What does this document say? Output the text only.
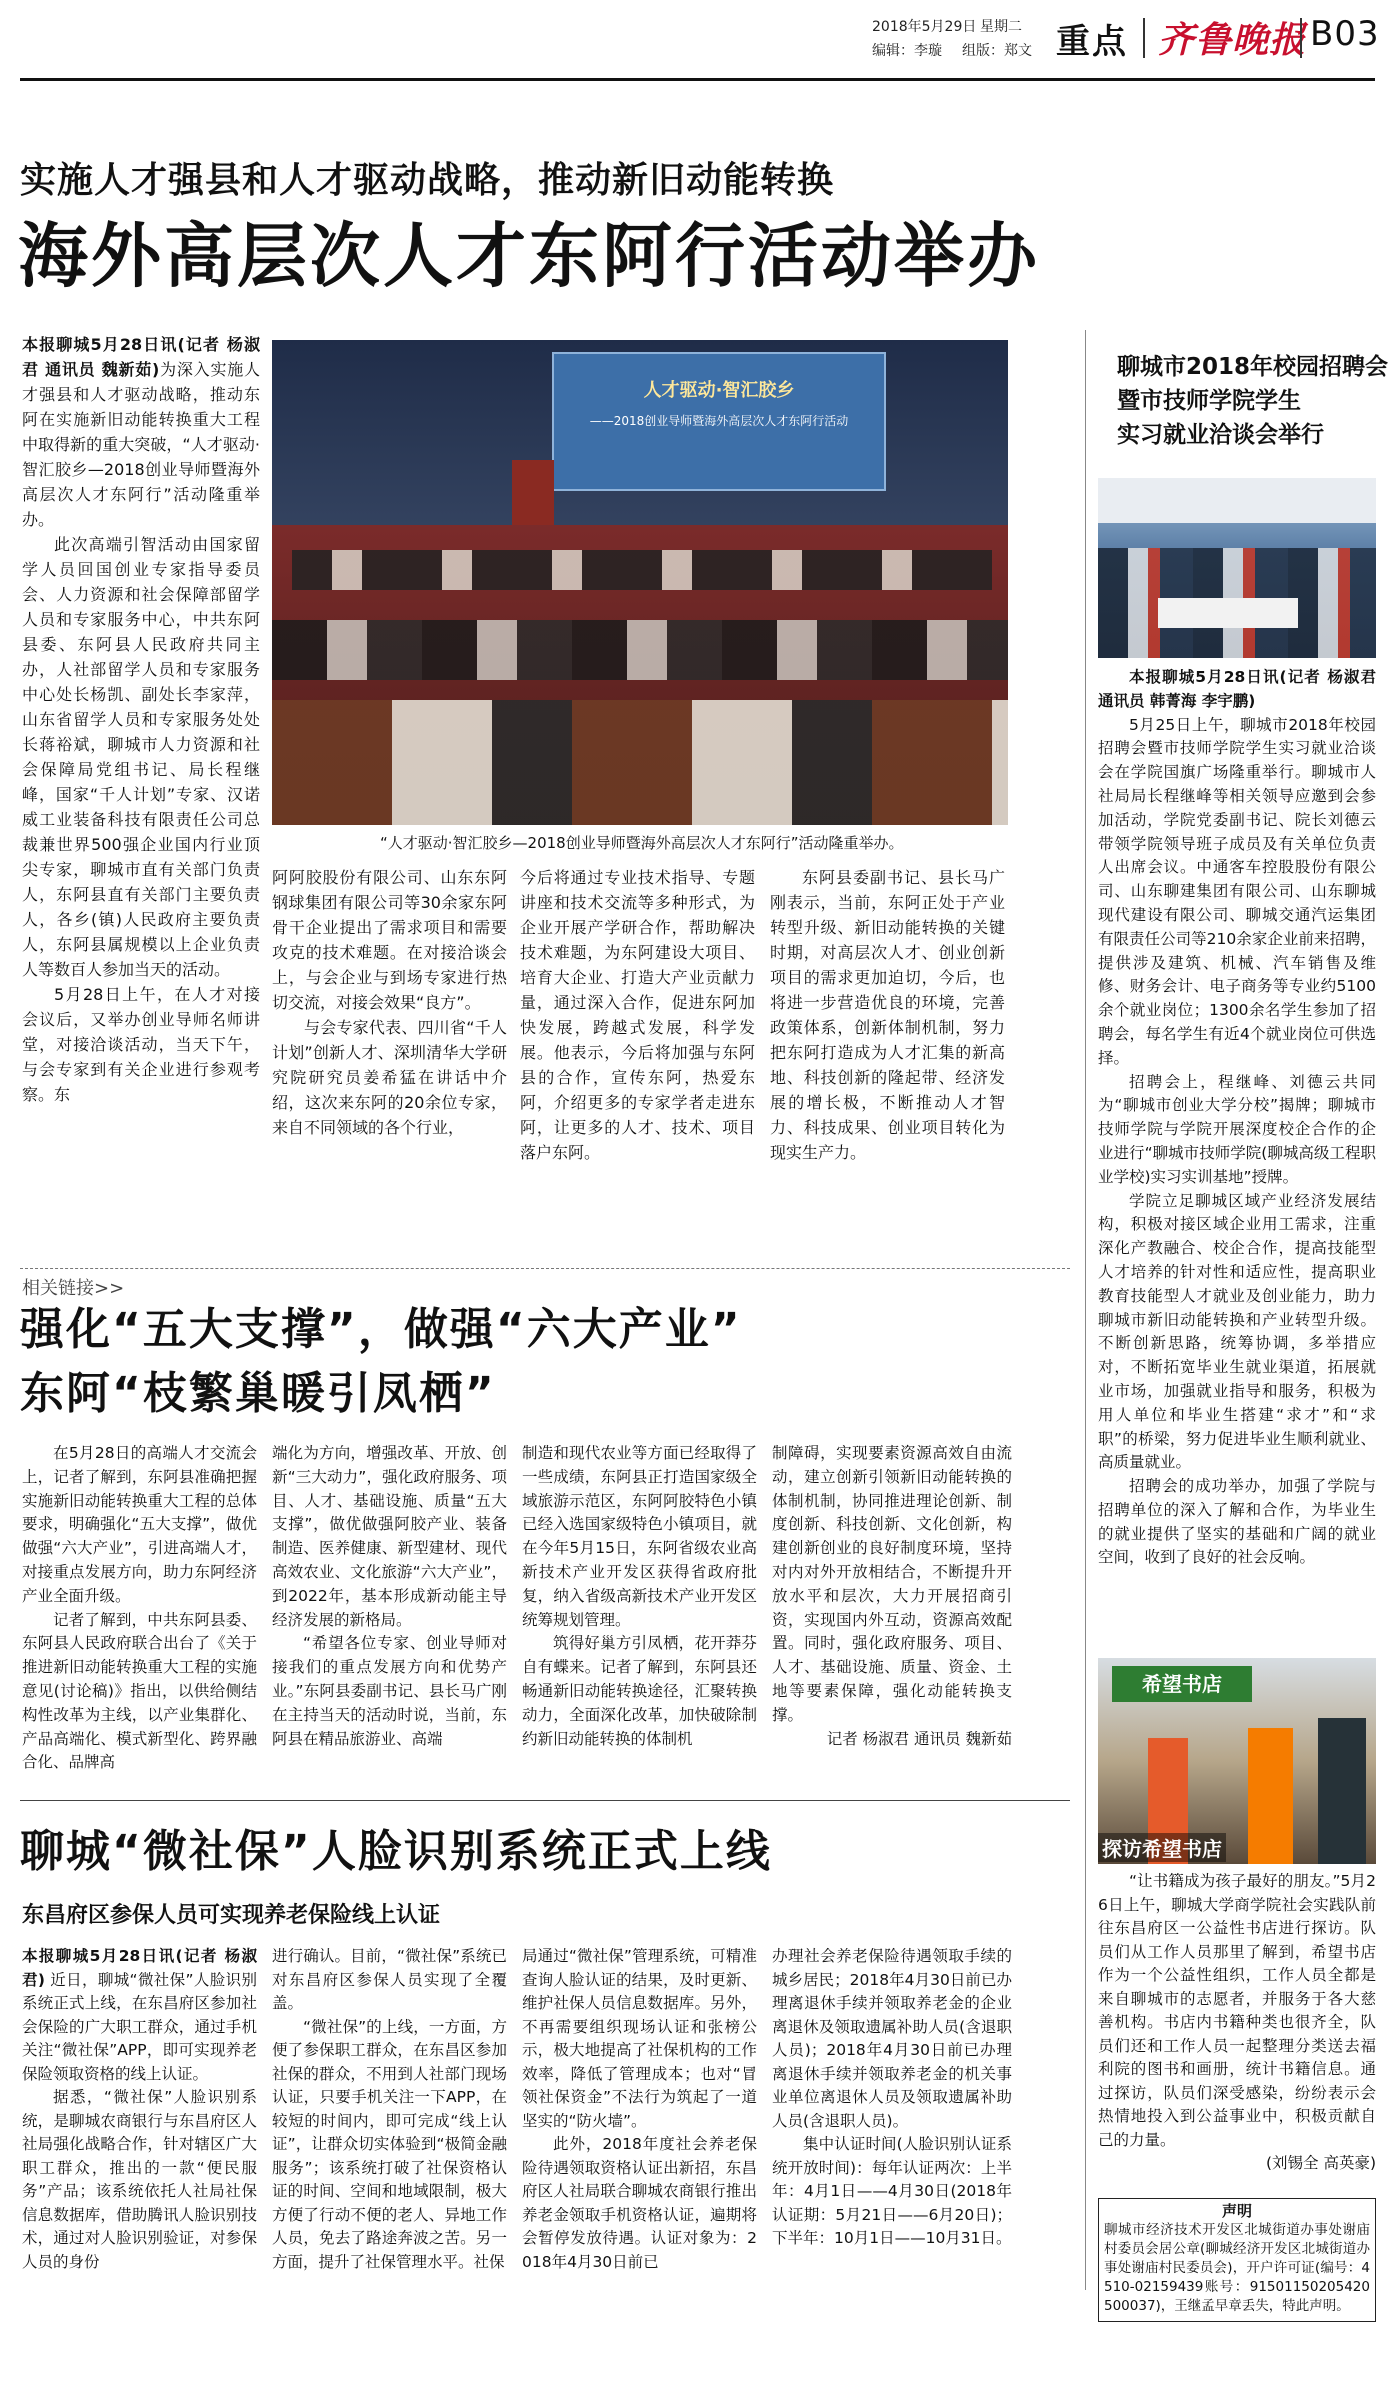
2018年5月29日 星期二
编辑：李璇 组版：郑文 重点 齐鲁晚报 B03
实施人才强县和人才驱动战略，推动新旧动能转换
海外高层次人才东阿行活动举办

本报聊城5月28日讯(记者 杨淑君 通讯员 魏新茹)为深入实施人才强县和人才驱动战略，推动东阿在实施新旧动能转换重大工程中取得新的重大突破，“人才驱动·智汇胶乡—2018创业导师暨海外高层次人才东阿行”活动隆重举办。

此次高端引智活动由国家留学人员回国创业专家指导委员会、人力资源和社会保障部留学人员和专家服务中心，中共东阿县委、东阿县人民政府共同主办，人社部留学人员和专家服务中心处长杨凯、副处长李家萍，山东省留学人员和专家服务处处长蒋裕斌，聊城市人力资源和社会保障局党组书记、局长程继峰，国家“千人计划”专家、汉诺威工业装备科技有限责任公司总裁兼世界500强企业国内行业顶尖专家，聊城市直有关部门负责人，东阿县直有关部门主要负责人，各乡(镇)人民政府主要负责人，东阿县属规模以上企业负责人等数百人参加当天的活动。

5月28日上午，在人才对接会议后，又举办创业导师名师讲堂，对接洽谈活动，当天下午，与会专家到有关企业进行参观考察。东

人才驱动·智汇胶乡
——2018创业导师暨海外高层次人才东阿行活动
“人才驱动·智汇胶乡—2018创业导师暨海外高层次人才东阿行”活动隆重举办。

阿阿胶股份有限公司、山东东阿钢球集团有限公司等30余家东阿骨干企业提出了需求项目和需要攻克的技术难题。在对接洽谈会上，与会企业与到场专家进行热切交流，对接会效果“良方”。

与会专家代表、四川省“千人计划”创新人才、深圳清华大学研究院研究员姜希猛在讲话中介绍，这次来东阿的20余位专家，来自不同领域的各个行业，

今后将通过专业技术指导、专题讲座和技术交流等多种形式，为企业开展产学研合作，帮助解决技术难题，为东阿建设大项目、培育大企业、打造大产业贡献力量，通过深入合作，促进东阿加快发展，跨越式发展，科学发展。他表示，今后将加强与东阿县的合作，宣传东阿，热爱东阿，介绍更多的专家学者走进东阿，让更多的人才、技术、项目落户东阿。

东阿县委副书记、县长马广刚表示，当前，东阿正处于产业转型升级、新旧动能转换的关键时期，对高层次人才、创业创新项目的需求更加迫切，今后，也将进一步营造优良的环境，完善政策体系，创新体制机制，努力把东阿打造成为人才汇集的新高地、科技创新的隆起带、经济发展的增长极，不断推动人才智力、科技成果、创业项目转化为现实生产力。

聊城市2018年校园招聘会
暨市技师学院学生
实习就业洽谈会举行

本报聊城5月28日讯(记者 杨淑君 通讯员 韩菁海 李宇鹏)

5月25日上午，聊城市2018年校园招聘会暨市技师学院学生实习就业洽谈会在学院国旗广场隆重举行。聊城市人社局局长程继峰等相关领导应邀到会参加活动，学院党委副书记、院长刘德云带领学院领导班子成员及有关单位负责人出席会议。中通客车控股股份有限公司、山东聊建集团有限公司、山东聊城现代建设有限公司、聊城交通汽运集团有限责任公司等210余家企业前来招聘，提供涉及建筑、机械、汽车销售及维修、财务会计、电子商务等专业约5100余个就业岗位；1300余名学生参加了招聘会，每名学生有近4个就业岗位可供选择。

招聘会上，程继峰、刘德云共同为“聊城市创业大学分校”揭牌；聊城市技师学院与学院开展深度校企合作的企业进行“聊城市技师学院(聊城高级工程职业学校)实习实训基地”授牌。

学院立足聊城区域产业经济发展结构，积极对接区域企业用工需求，注重深化产教融合、校企合作，提高技能型人才培养的针对性和适应性，提高职业教育技能型人才就业及创业能力，助力聊城市新旧动能转换和产业转型升级。不断创新思路，统筹协调，多举措应对，不断拓宽毕业生就业渠道，拓展就业市场，加强就业指导和服务，积极为用人单位和毕业生搭建“求才”和“求职”的桥梁，努力促进毕业生顺利就业、高质量就业。

招聘会的成功举办，加强了学院与招聘单位的深入了解和合作，为毕业生的就业提供了坚实的基础和广阔的就业空间，收到了良好的社会反响。

希望书店
探访希望书店

“让书籍成为孩子最好的朋友。”5月26日上午，聊城大学商学院社会实践队前往东昌府区一公益性书店进行探访。队员们从工作人员那里了解到，希望书店作为一个公益性组织，工作人员全都是来自聊城市的志愿者，并服务于各大慈善机构。书店内书籍种类也很齐全，队员们还和工作人员一起整理分类送去福利院的图书和画册，统计书籍信息。通过探访，队员们深受感染，纷纷表示会热情地投入到公益事业中，积极贡献自己的力量。

(刘锡全 高英豪)
声明
聊城市经济技术开发区北城街道办事处谢庙村委员会居公章(聊城经济开发区北城街道办事处谢庙村民委员会)，开户许可证(编号：4510-02159439账号：91501150205420500037)，王继孟早章丢失，特此声明。
相关链接>>
强化“五大支撑”，做强“六大产业”
东阿“枝繁巢暖引凤栖”

在5月28日的高端人才交流会上，记者了解到，东阿县准确把握实施新旧动能转换重大工程的总体要求，明确强化“五大支撑”，做优做强“六大产业”，引进高端人才，对接重点发展方向，助力东阿经济产业全面升级。

记者了解到，中共东阿县委、东阿县人民政府联合出台了《关于推进新旧动能转换重大工程的实施意见(讨论稿)》指出，以供给侧结构性改革为主线，以产业集群化、产品高端化、模式新型化、跨界融合化、品牌高

端化为方向，增强改革、开放、创新“三大动力”，强化政府服务、项目、人才、基础设施、质量“五大支撑”，做优做强阿胶产业、装备制造、医养健康、新型建材、现代高效农业、文化旅游“六大产业”，到2022年，基本形成新动能主导经济发展的新格局。

“希望各位专家、创业导师对接我们的重点发展方向和优势产业。”东阿县委副书记、县长马广刚在主持当天的活动时说，当前，东阿县在精品旅游业、高端

制造和现代农业等方面已经取得了一些成绩，东阿县正打造国家级全域旅游示范区，东阿阿胶特色小镇已经入选国家级特色小镇项目，就在今年5月15日，东阿省级农业高新技术产业开发区获得省政府批复，纳入省级高新技术产业开发区统筹规划管理。

筑得好巢方引凤栖，花开莽芬自有蝶来。记者了解到，东阿县还畅通新旧动能转换途径，汇聚转换动力，全面深化改革，加快破除制约新旧动能转换的体制机

制障碍，实现要素资源高效自由流动，建立创新引领新旧动能转换的体制机制，协同推进理论创新、制度创新、科技创新、文化创新，构建创新创业的良好制度环境，坚持对内对外开放相结合，不断提升开放水平和层次，大力开展招商引资，实现国内外互动，资源高效配置。同时，强化政府服务、项目、人才、基础设施、质量、资金、土地等要素保障，强化动能转换支撑。

记者 杨淑君 通讯员 魏新茹
聊城“微社保”人脸识别系统正式上线
东昌府区参保人员可实现养老保险线上认证

本报聊城5月28日讯(记者 杨淑君) 近日，聊城“微社保”人脸识别系统正式上线，在东昌府区参加社会保险的广大职工群众，通过手机关注“微社保”APP，即可实现养老保险领取资格的线上认证。

据悉，“微社保”人脸识别系统，是聊城农商银行与东昌府区人社局强化战略合作，针对辖区广大职工群众，推出的一款“便民服务”产品；该系统依托人社局社保信息数据库，借助腾讯人脸识别技术，通过对人脸识别验证，对参保人员的身份

进行确认。目前，“微社保”系统已对东昌府区参保人员实现了全覆盖。

“微社保”的上线，一方面，方便了参保职工群众，在东昌区参加社保的群众，不用到人社部门现场认证，只要手机关注一下APP，在较短的时间内，即可完成“线上认证”，让群众切实体验到“极简金融服务”；该系统打破了社保资格认证的时间、空间和地域限制，极大方便了行动不便的老人、异地工作人员，免去了路途奔波之苦。另一方面，提升了社保管理水平。社保

局通过“微社保”管理系统，可精准查询人脸认证的结果，及时更新、维护社保人员信息数据库。另外，不再需要组织现场认证和张榜公示，极大地提高了社保机构的工作效率，降低了管理成本；也对“冒领社保资金”不法行为筑起了一道坚实的“防火墙”。

此外，2018年度社会养老保险待遇领取资格认证出新招，东昌府区人社局联合聊城农商银行推出养老金领取手机资格认证，遍期将会暂停发放待遇。认证对象为：2018年4月30日前已

办理社会养老保险待遇领取手续的城乡居民；2018年4月30日前已办理离退休手续并领取养老金的企业离退休及领取遗属补助人员(含退职人员)；2018年4月30日前已办理离退休手续并领取养老金的机关事业单位离退休人员及领取遗属补助人员(含退职人员)。

集中认证时间(人脸识别认证系统开放时间)：每年认证两次：上半年：4月1日——4月30日(2018年认证期：5月21日——6月20日)；下半年：10月1日——10月31日。
